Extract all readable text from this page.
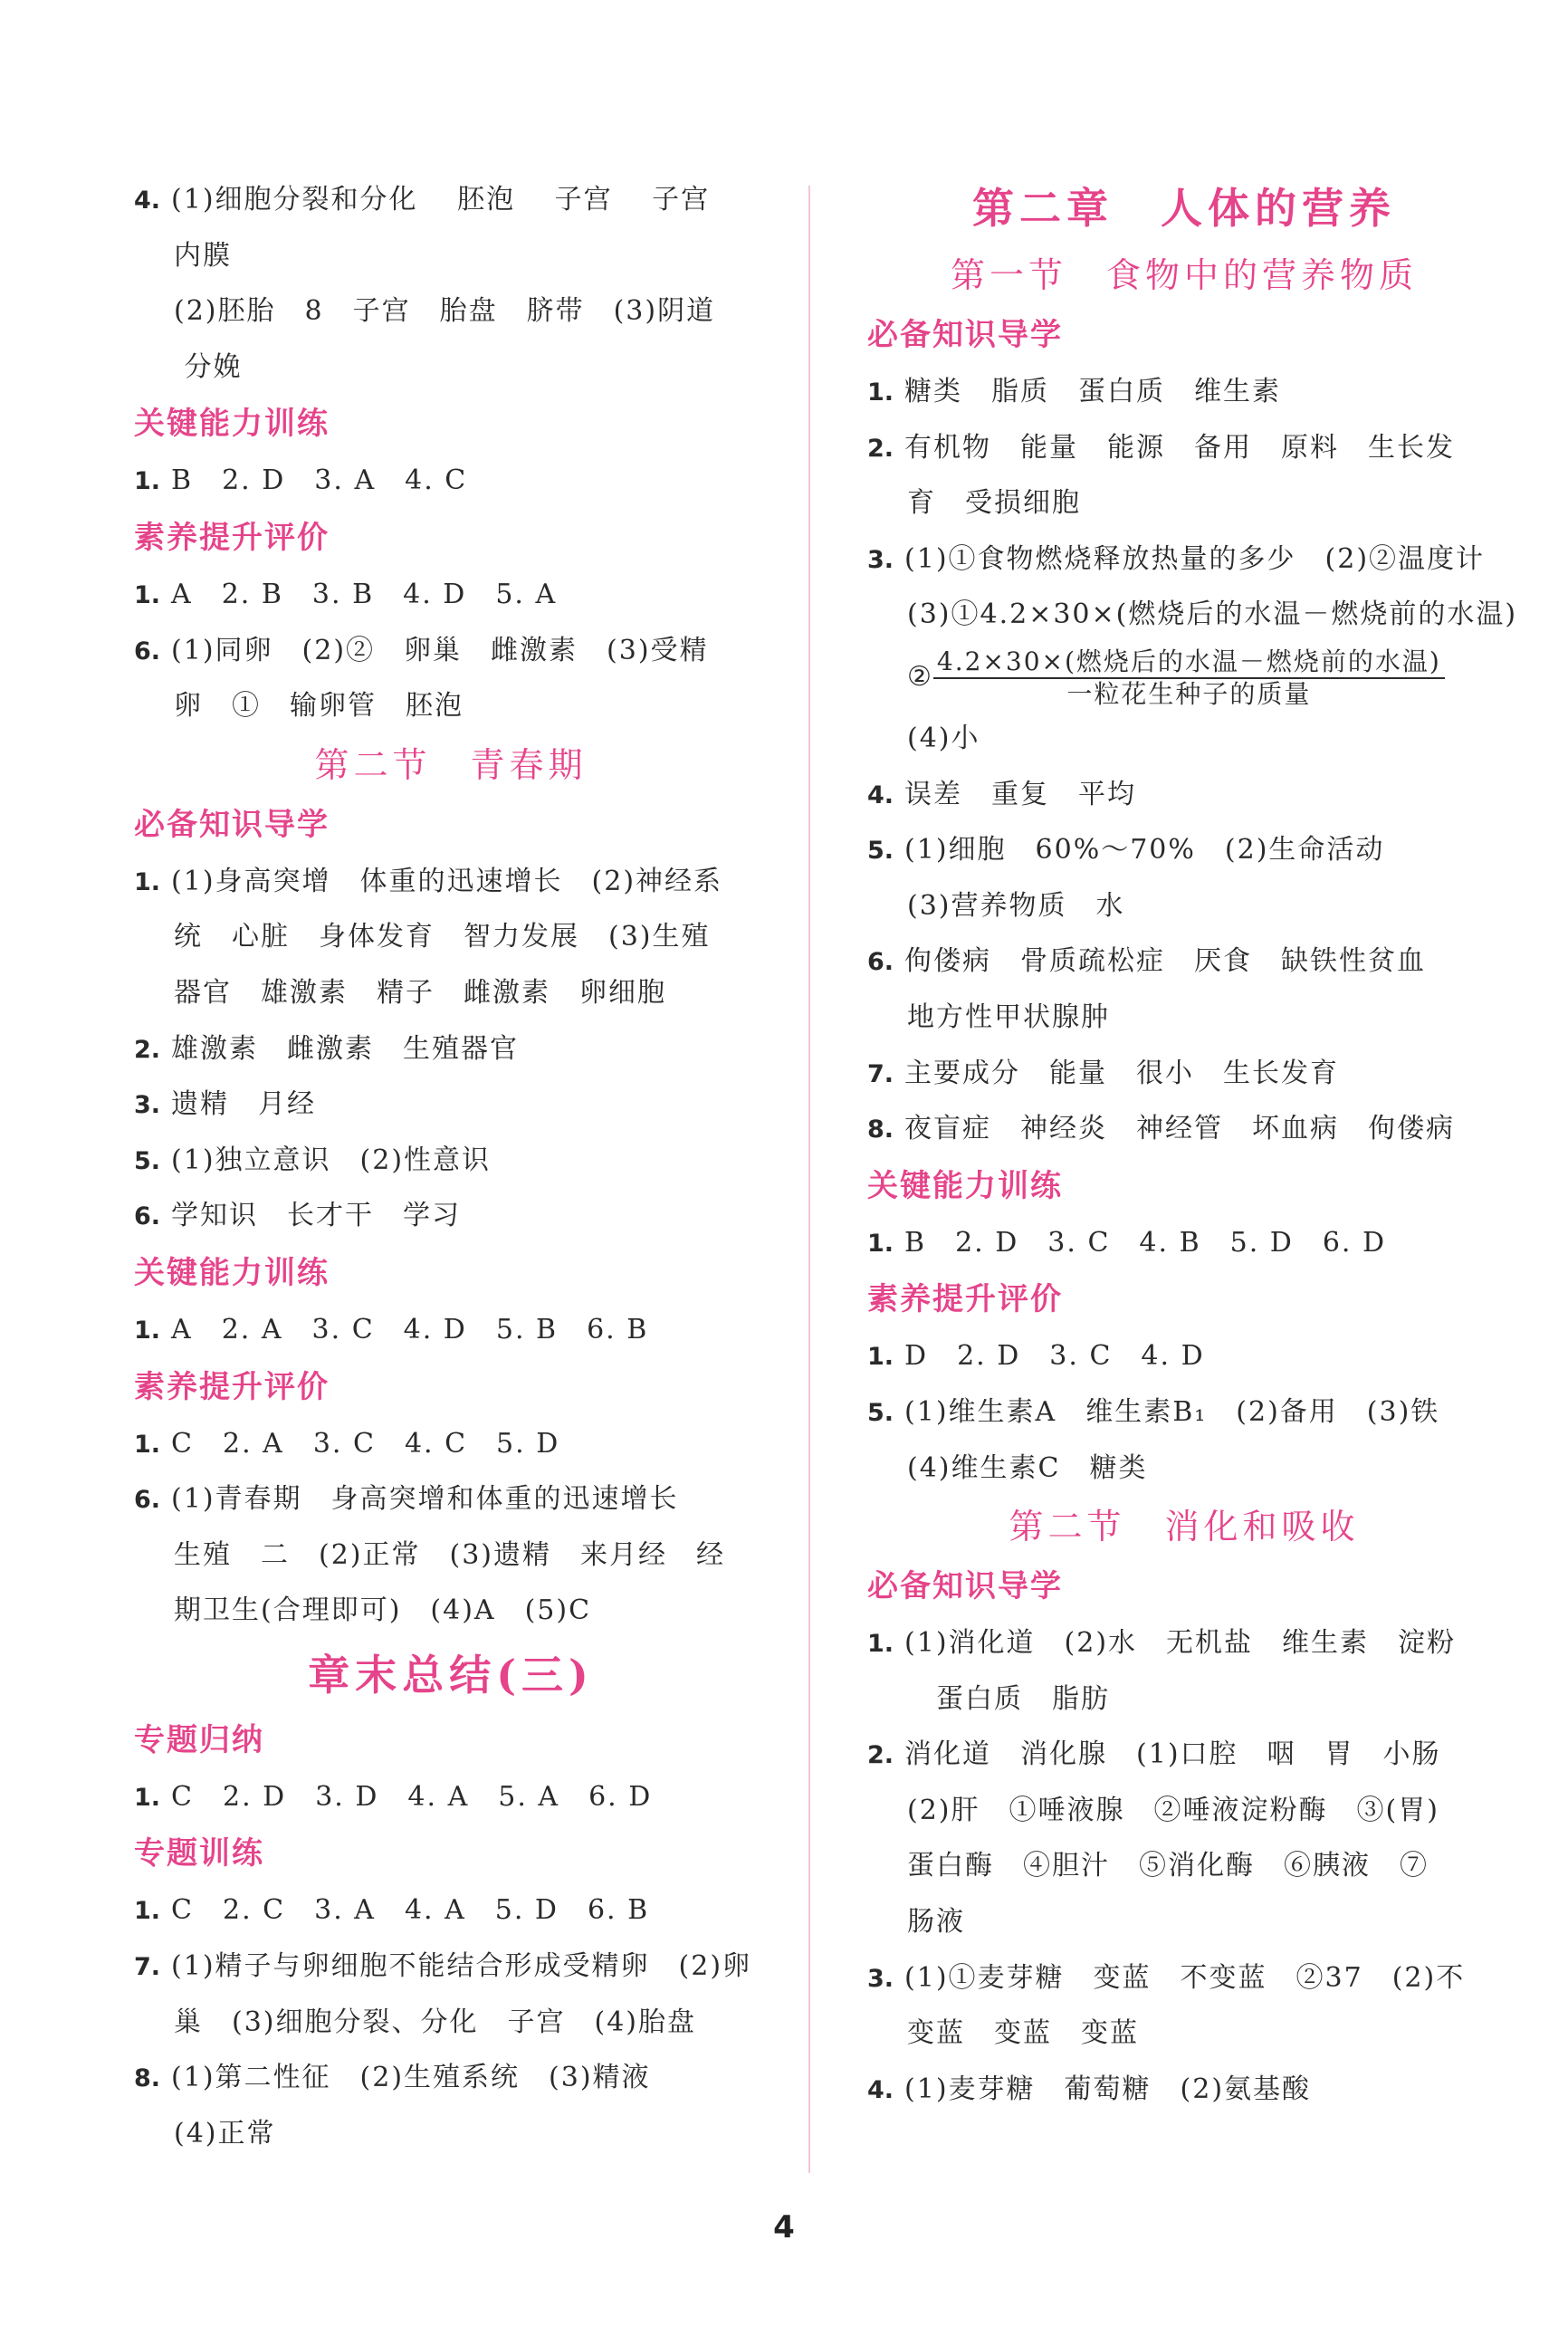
4. (1)细胞分裂和分化　 胚泡　 子宫　 子宫
内膜
(2)胚胎　8　子宫　胎盘　脐带　(3)阴道
分娩
关键能力训练
1. B　2. D　3. A　4. C
素养提升评价
1. A　2. B　3. B　4. D　5. A
6. (1)同卵　(2)②　卵巢　雌激素　(3)受精
卵　①　输卵管　胚泡
第二节　青春期
必备知识导学
1. (1)身高突增　体重的迅速增长　(2)神经系
统　心脏　身体发育　智力发展　(3)生殖
器官　雄激素　精子　雌激素　卵细胞
2. 雄激素　雌激素　生殖器官
3. 遗精　月经
5. (1)独立意识　(2)性意识
6. 学知识　长才干　学习
关键能力训练
1. A　2. A　3. C　4. D　5. B　6. B
素养提升评价
1. C　2. A　3. C　4. C　5. D
6. (1)青春期　身高突增和体重的迅速增长
生殖　二　(2)正常　(3)遗精　来月经　经
期卫生(合理即可)　(4)A　(5)C
章末总结(三)
专题归纳
1. C　2. D　3. D　4. A　5. A　6. D
专题训练
1. C　2. C　3. A　4. A　5. D　6. B
7. (1)精子与卵细胞不能结合形成受精卵　(2)卵
巢　(3)细胞分裂、分化　子宫　(4)胎盘
8. (1)第二性征　(2)生殖系统　(3)精液
(4)正常
第二章　人体的营养
第一节　食物中的营养物质
必备知识导学
1. 糖类　脂质　蛋白质　维生素
2. 有机物　能量　能源　备用　原料　生长发
育　受损细胞
3. (1)①食物燃烧释放热量的多少　(2)②温度计
(3)①4.2×30×(燃烧后的水温－燃烧前的水温)
② $\frac{\text{4.2×30×(燃烧后的水温－燃烧前的水温)}}{\text{一粒花生种子的质量}}$
(4)小
4. 误差　重复　平均
5. (1)细胞　60%～70%　(2)生命活动
(3)营养物质　水
6. 佝偻病　骨质疏松症　厌食　缺铁性贫血
地方性甲状腺肿
7. 主要成分　能量　很小　生长发育
8. 夜盲症　神经炎　神经管　坏血病　佝偻病
关键能力训练
1. B　2. D　3. C　4. B　5. D　6. D
素养提升评价
1. D　2. D　3. C　4. D
5. (1)维生素A　维生素B₁　(2)备用　(3)铁
(4)维生素C　糖类
第二节　消化和吸收
必备知识导学
1. (1)消化道　(2)水　无机盐　维生素　淀粉
　蛋白质　脂肪
2. 消化道　消化腺　(1)口腔　咽　胃　小肠
(2)肝　①唾液腺　②唾液淀粉酶　③(胃)
蛋白酶　④胆汁　⑤消化酶　⑥胰液　⑦
肠液
3. (1)①麦芽糖　变蓝　不变蓝　②37　(2)不
变蓝　变蓝　变蓝
4. (1)麦芽糖　葡萄糖　(2)氨基酸
4
